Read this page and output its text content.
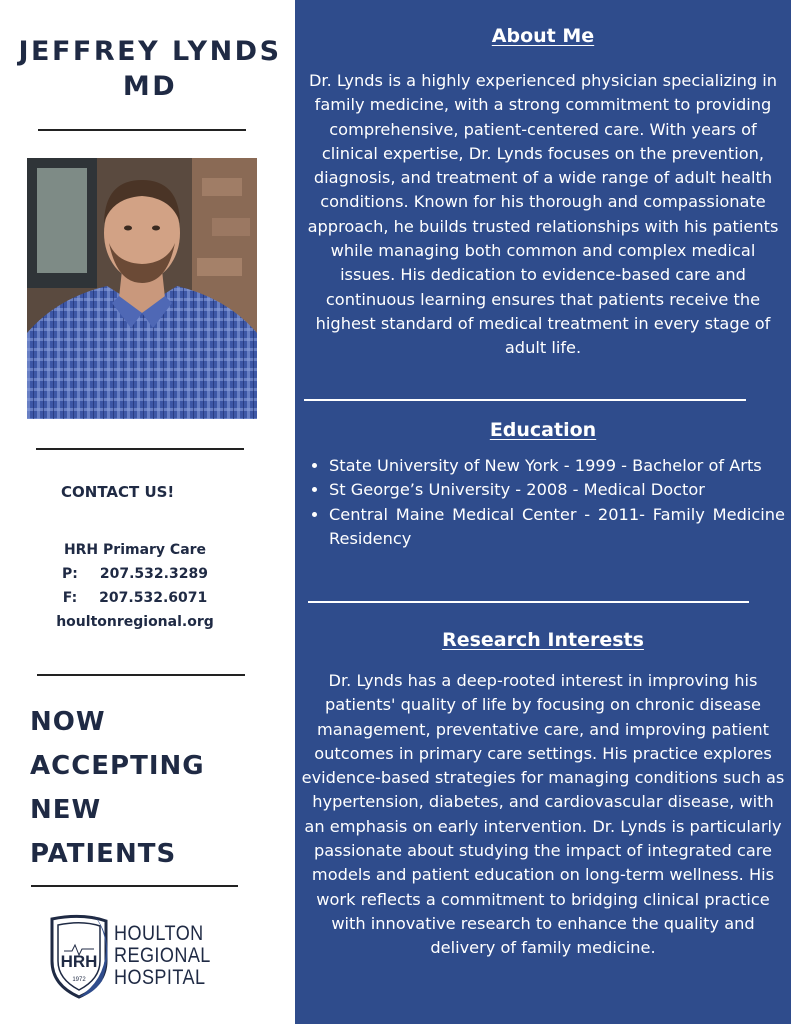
JEFFREY LYNDS
MD
CONTACT US!
HRH Primary Care
P: 207.532.3289
F: 207.532.6071
houltonregional.org
NOW
ACCEPTING
NEW
PATIENTS
HRH
1972
HOULTON
REGIONAL
HOSPITAL
About Me
Dr. Lynds is a highly experienced physician specializing in family medicine, with a strong commitment to providing comprehensive, patient-centered care. With years of clinical expertise, Dr. Lynds focuses on the prevention, diagnosis, and treatment of a wide range of adult health conditions. Known for his thorough and compassionate approach, he builds trusted relationships with his patients while managing both common and complex medical issues. His dedication to evidence-based care and continuous learning ensures that patients receive the highest standard of medical treatment in every stage of adult life.
Education
• State University of New York - 1999 - Bachelor of Arts
• St George’s University - 2008 - Medical Doctor
• Central Maine Medical Center - 2011- Family Medicine Residency
Research Interests
Dr. Lynds has a deep-rooted interest in improving his patients' quality of life by focusing on chronic disease management, preventative care, and improving patient outcomes in primary care settings. His practice explores evidence-based strategies for managing conditions such as hypertension, diabetes, and cardiovascular disease, with an emphasis on early intervention. Dr. Lynds is particularly passionate about studying the impact of integrated care models and patient education on long-term wellness. His work reflects a commitment to bridging clinical practice with innovative research to enhance the quality and delivery of family medicine.
